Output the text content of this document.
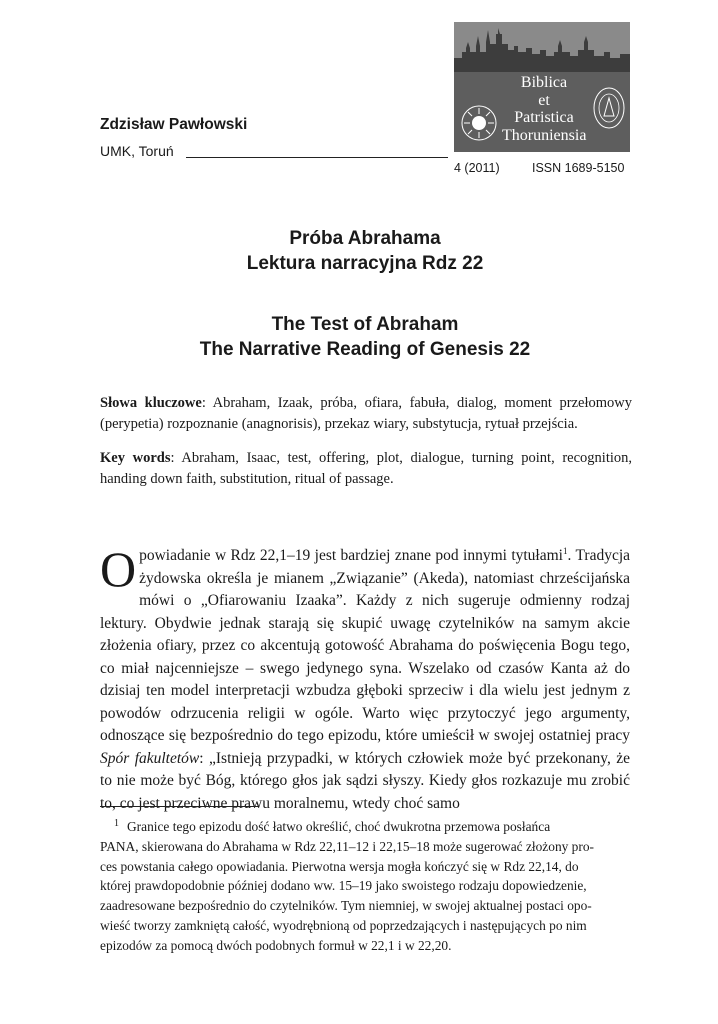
Zdzisław Pawłowski
UMK, Toruń
Biblica
et
Patristica
Thoruniensia
4 (2011)	ISSN 1689-5150
Próba Abrahama
Lektura narracyjna Rdz 22
The Test of Abraham
The Narrative Reading of Genesis 22
Słowa kluczowe: Abraham, Izaak, próba, ofiara, fabuła, dialog, moment przełomowy (perypetia) rozpoznanie (anagnorisis), przekaz wiary, substytucja, rytuał przejścia.
Key words: Abraham, Isaac, test, offering, plot, dialogue, turning point, recognition, handing down faith, substitution, ritual of passage.
Opowiadanie w Rdz 22,1–19 jest bardziej znane pod innymi tytułami$^1$. Tradycja żydowska określa je mianem „Związanie” (Akeda), natomiast chrześcijańska mówi o „Ofiarowaniu Izaaka”. Każdy z nich sugeruje odmienny rodzaj lektury. Obydwie jednak starają się skupić uwagę czytelników na samym akcie złożenia ofiary, przez co akcentują gotowość Abrahama do poświęcenia Bogu tego, co miał najcenniejsze – swego jedynego syna. Wszelako od czasów Kanta aż do dzisiaj ten model interpretacji wzbudza głęboki sprzeciw i dla wielu jest jednym z powodów odrzucenia religii w ogóle. Warto więc przytoczyć jego argumenty, odnoszące się bezpośrednio do tego epizodu, które umieścił w swojej ostatniej pracy Spór fakultetów: „Istnieją przypadki, w których człowiek może być przekonany, że to nie może być Bóg, którego głos jak sądzi słyszy. Kiedy głos rozkazuje mu zrobić to, co jest przeciwne prawu moralnemu, wtedy choć samo
$^1$ Granice tego epizodu dość łatwo określić, choć dwukrotna przemowa posłańca
PANA, skierowana do Abrahama w Rdz 22,11–12 i 22,15–18 może sugerować złożony pro-
ces powstania całego opowiadania. Pierwotna wersja mogła kończyć się w Rdz 22,14, do
której prawdopodobnie później dodano ww. 15–19 jako swoistego rodzaju dopowiedzenie,
zaadresowane bezpośrednio do czytelników. Tym niemniej, w swojej aktualnej postaci opo-
wieść tworzy zamkniętą całość, wyodrębnioną od poprzedzających i następujących po nim
epizodów za pomocą dwóch podobnych formuł w 22,1 i w 22,20.
